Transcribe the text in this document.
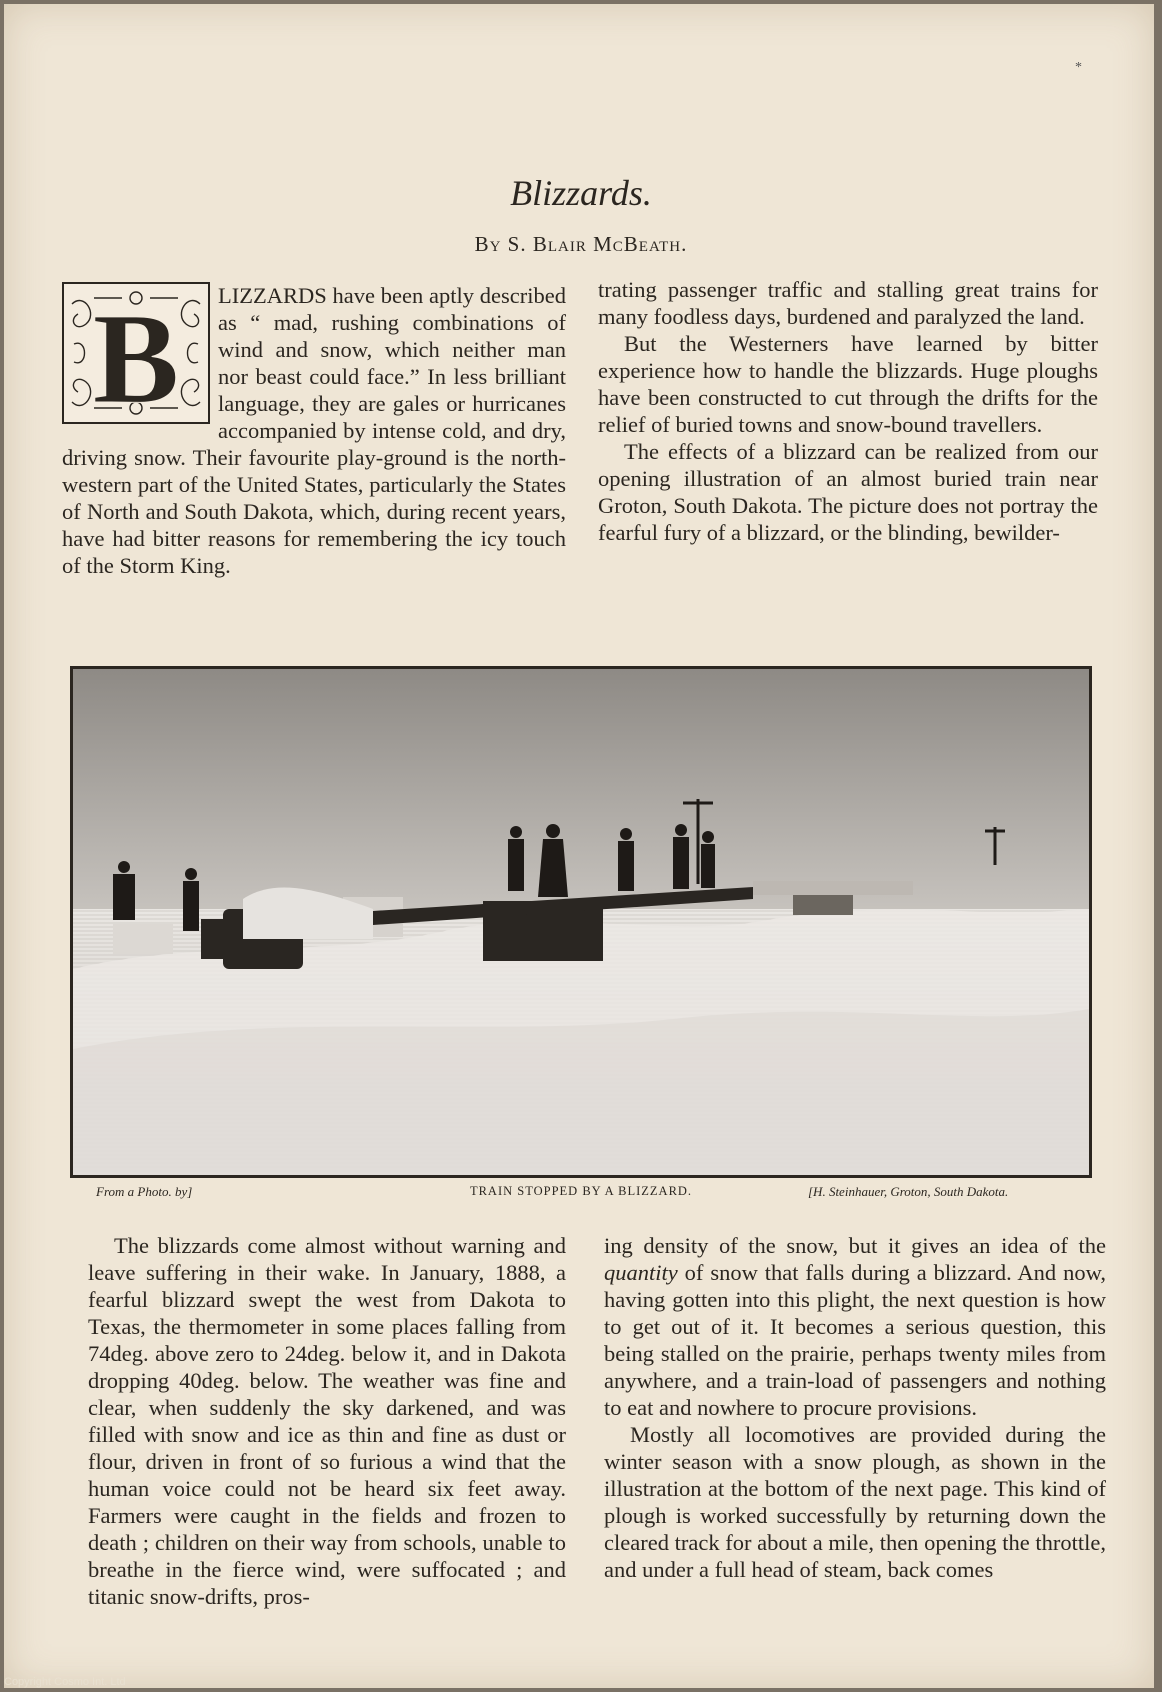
*
Blizzards.
By S. Blair McBeath.
B	LIZZARDS have been aptly described as “ mad, rushing combinations of wind and snow, which neither man nor beast could face.” In less brilliant language, they are gales or hurricanes accompanied by intense cold, and dry, driving snow. Their favourite play-ground is the north-western part of the United States, particularly the States of North and South Dakota, which, during recent years, have had bitter reasons for remembering the icy touch of the Storm King.

trating passenger traffic and stalling great trains for many foodless days, burdened and paralyzed the land.

But the Westerners have learned by bitter experience how to handle the blizzards. Huge ploughs have been constructed to cut through the drifts for the relief of buried towns and snow-bound travellers.

The effects of a blizzard can be realized from our opening illustration of an almost buried train near Groton, South Dakota. The picture does not portray the fearful fury of a blizzard, or the blinding, bewilder-

From a Photo. by]	TRAIN STOPPED BY A BLIZZARD.	[H. Steinhauer, Groton, South Dakota.

The blizzards come almost without warning and leave suffering in their wake. In January, 1888, a fearful blizzard swept the west from Dakota to Texas, the thermometer in some places falling from 74deg. above zero to 24deg. below it, and in Dakota dropping 40deg. below. The weather was fine and clear, when suddenly the sky darkened, and was filled with snow and ice as thin and fine as dust or flour, driven in front of so furious a wind that the human voice could not be heard six feet away. Farmers were caught in the fields and frozen to death ; children on their way from schools, unable to breathe in the fierce wind, were suffocated ; and titanic snow-drifts, pros-

ing density of the snow, but it gives an idea of the quantity of snow that falls during a blizzard. And now, having gotten into this plight, the next question is how to get out of it. It becomes a serious question, this being stalled on the prairie, perhaps twenty miles from anywhere, and a train-load of passengers and nothing to eat and nowhere to procure provisions.

Mostly all locomotives are provided during the winter season with a snow plough, as shown in the illustration at the bottom of the next page. This kind of plough is worked successfully by returning down the cleared track for about a mile, then opening the throttle, and under a full head of steam, back comes

Copyright Cosmo Int. Ltd
